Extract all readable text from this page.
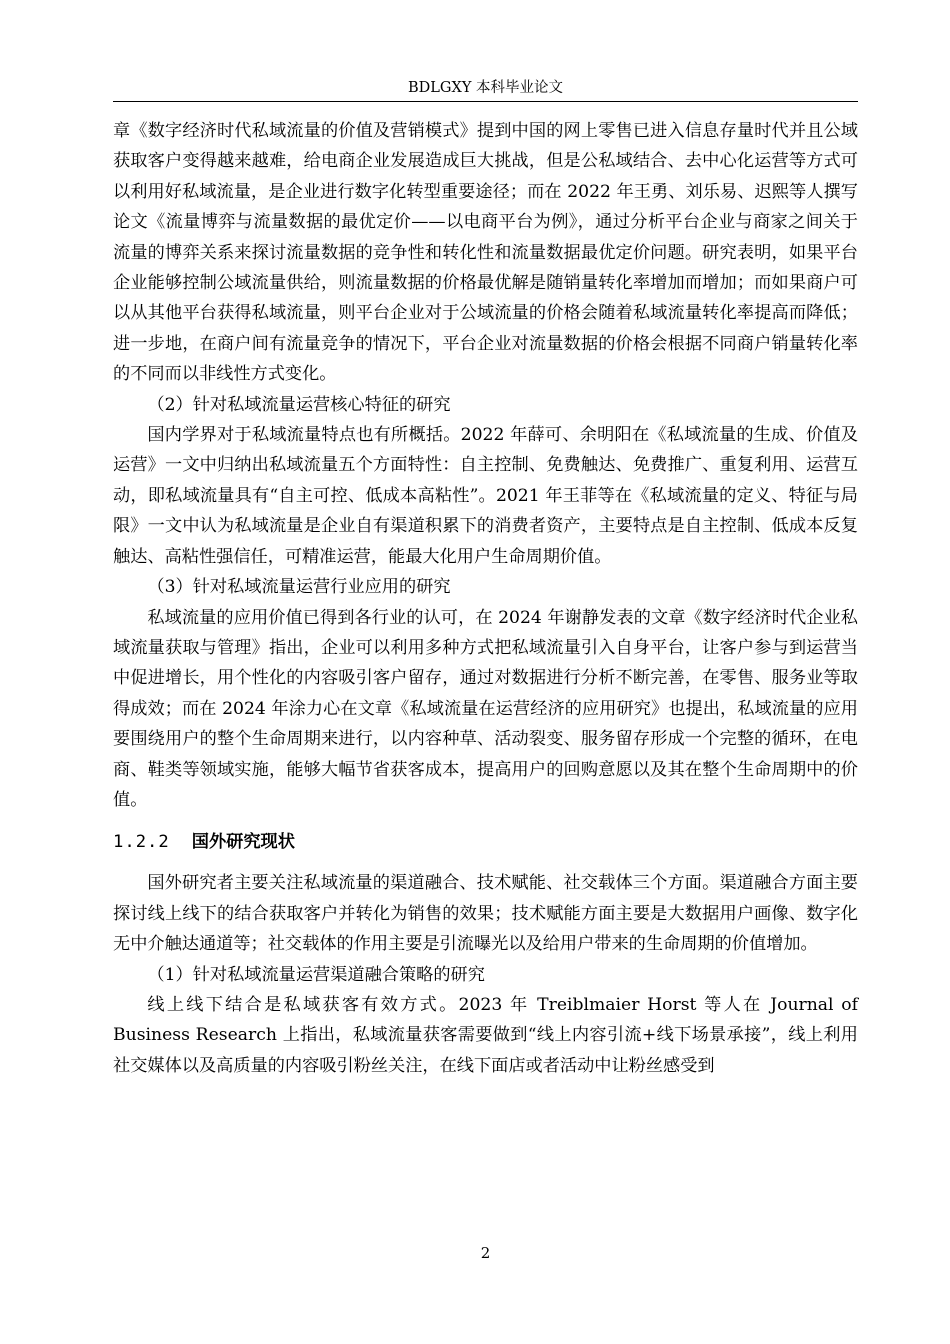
BDLGXY 本科毕业论文

章《数字经济时代私域流量的价值及营销模式》提到中国的网上零售已进入信息存量时代并且公域获取客户变得越来越难，给电商企业发展造成巨大挑战，但是公私域结合、去中心化运营等方式可以利用好私域流量，是企业进行数字化转型重要途径；而在 2022 年王勇、刘乐易、迟熙等人撰写论文《流量博弈与流量数据的最优定价——以电商平台为例》，通过分析平台企业与商家之间关于流量的博弈关系来探讨流量数据的竞争性和转化性和流量数据最优定价问题。研究表明，如果平台企业能够控制公域流量供给，则流量数据的价格最优解是随销量转化率增加而增加；而如果商户可以从其他平台获得私域流量，则平台企业对于公域流量的价格会随着私域流量转化率提高而降低；进一步地，在商户间有流量竞争的情况下，平台企业对流量数据的价格会根据不同商户销量转化率的不同而以非线性方式变化。

（2）针对私域流量运营核心特征的研究

国内学界对于私域流量特点也有所概括。2022 年薛可、余明阳在《私域流量的生成、价值及运营》一文中归纳出私域流量五个方面特性：自主控制、免费触达、免费推广、重复利用、运营互动，即私域流量具有“自主可控、低成本高粘性”。2021 年王菲等在《私域流量的定义、特征与局限》一文中认为私域流量是企业自有渠道积累下的消费者资产，主要特点是自主控制、低成本反复触达、高粘性强信任，可精准运营，能最大化用户生命周期价值。

（3）针对私域流量运营行业应用的研究

私域流量的应用价值已得到各行业的认可，在 2024 年谢静发表的文章《数字经济时代企业私域流量获取与管理》指出，企业可以利用多种方式把私域流量引入自身平台，让客户参与到运营当中促进增长，用个性化的内容吸引客户留存，通过对数据进行分析不断完善，在零售、服务业等取得成效；而在 2024 年涂力心在文章《私域流量在运营经济的应用研究》也提出，私域流量的应用要围绕用户的整个生命周期来进行，以内容种草、活动裂变、服务留存形成一个完整的循环，在电商、鞋类等领域实施，能够大幅节省获客成本，提高用户的回购意愿以及其在整个生命周期中的价值。

1.2.2 国外研究现状

国外研究者主要关注私域流量的渠道融合、技术赋能、社交载体三个方面。渠道融合方面主要探讨线上线下的结合获取客户并转化为销售的效果；技术赋能方面主要是大数据用户画像、数字化无中介触达通道等；社交载体的作用主要是引流曝光以及给用户带来的生命周期的价值增加。

（1）针对私域流量运营渠道融合策略的研究

线上线下结合是私域获客有效方式。2023 年 Treiblmaier Horst 等人在 Journal of Business Research 上指出，私域流量获客需要做到“线上内容引流+线下场景承接”，线上利用社交媒体以及高质量的内容吸引粉丝关注，在线下面店或者活动中让粉丝感受到

2
